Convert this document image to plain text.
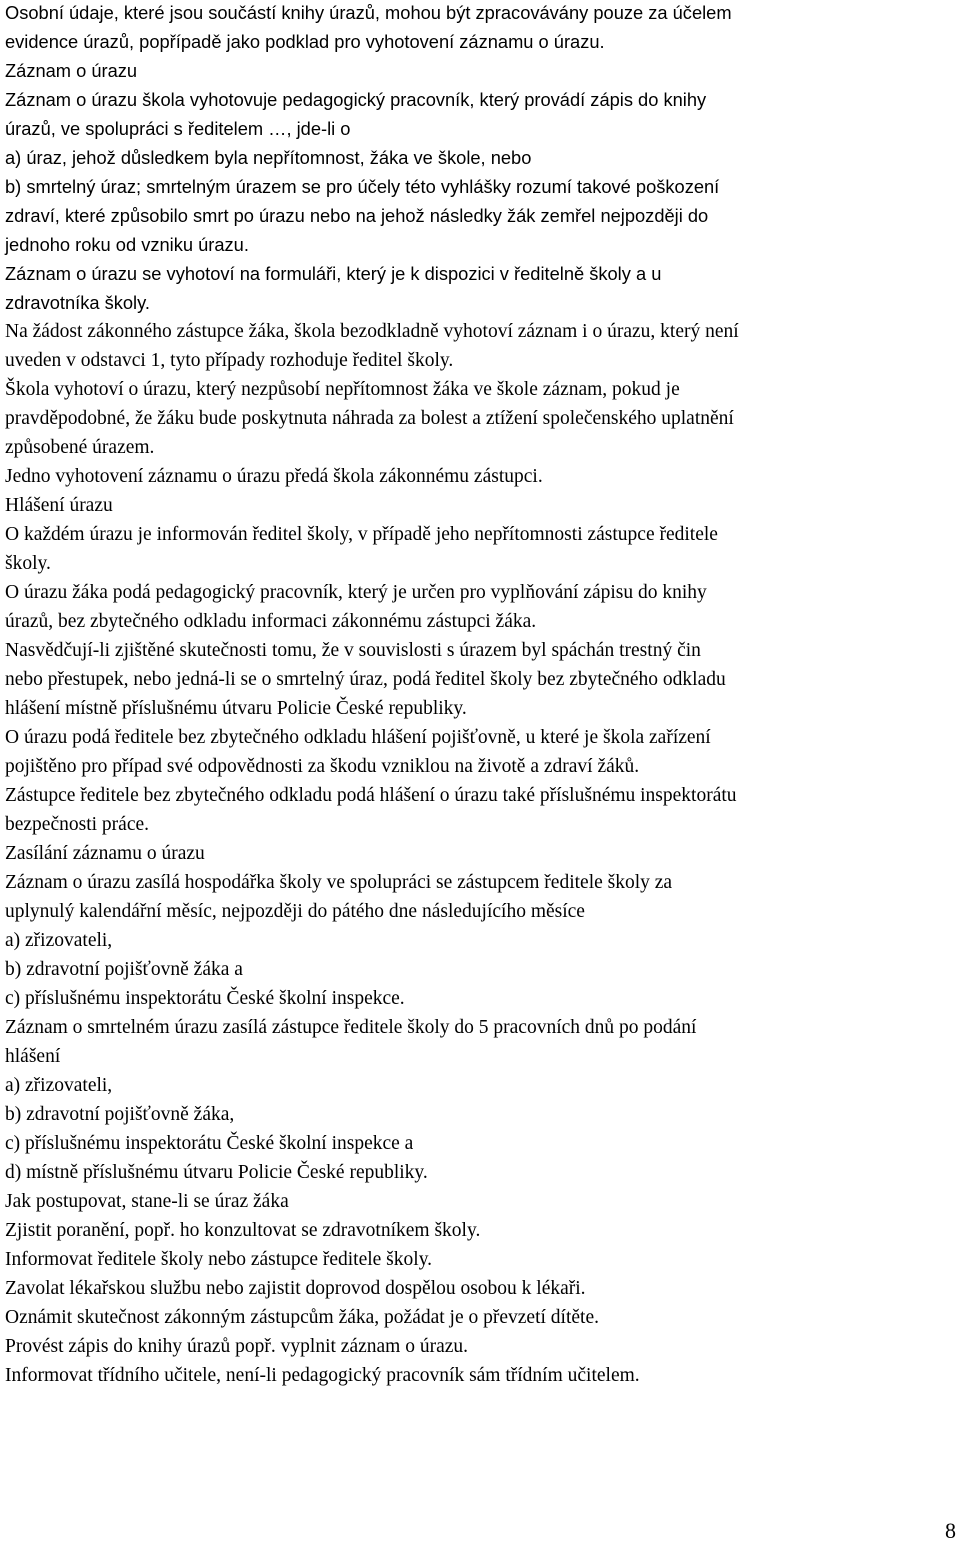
Osobní údaje, které jsou součástí knihy úrazů, mohou být zpracovávány pouze za účelem
evidence úrazů, popřípadě jako podklad pro vyhotovení záznamu o úrazu.
Záznam o úrazu
Záznam o úrazu škola vyhotovuje pedagogický pracovník, který provádí zápis do knihy
úrazů, ve spolupráci s ředitelem …, jde-li o
a) úraz, jehož důsledkem byla nepřítomnost, žáka ve škole, nebo
b) smrtelný úraz; smrtelným úrazem se pro účely této vyhlášky rozumí takové poškození
zdraví, které způsobilo smrt po úrazu nebo na jehož následky žák zemřel nejpozději do
jednoho roku od vzniku úrazu.
Záznam o úrazu se vyhotoví na formuláři, který je k dispozici v ředitelně školy a u
zdravotníka školy.
Na žádost zákonného zástupce žáka, škola bezodkladně vyhotoví záznam i o úrazu, který není
uveden v odstavci 1, tyto případy rozhoduje ředitel školy.
Škola vyhotoví o úrazu, který nezpůsobí nepřítomnost žáka ve škole záznam, pokud je
pravděpodobné, že žáku bude poskytnuta náhrada za bolest a ztížení společenského uplatnění
způsobené úrazem.
Jedno vyhotovení záznamu o úrazu předá škola zákonnému zástupci.
Hlášení úrazu
O každém úrazu je informován ředitel školy, v případě jeho nepřítomnosti zástupce ředitele
školy.
O úrazu žáka podá pedagogický pracovník, který je určen pro vyplňování zápisu do knihy
úrazů, bez zbytečného odkladu informaci zákonnému zástupci žáka.
Nasvědčují-li zjištěné skutečnosti tomu, že v souvislosti s úrazem byl spáchán trestný čin
nebo přestupek, nebo jedná-li se o smrtelný úraz, podá ředitel školy bez zbytečného odkladu
hlášení místně příslušnému útvaru Policie České republiky.
O úrazu podá ředitele bez zbytečného odkladu hlášení pojišťovně, u které je škola zařízení
pojištěno pro případ své odpovědnosti za škodu vzniklou na životě a zdraví žáků.
Zástupce ředitele bez zbytečného odkladu podá hlášení o úrazu také příslušnému inspektorátu
bezpečnosti práce.
Zasílání záznamu o úrazu
Záznam o úrazu zasílá hospodářka školy ve spolupráci se zástupcem ředitele školy za
uplynulý kalendářní měsíc, nejpozději do pátého dne následujícího měsíce
a) zřizovateli,
b) zdravotní pojišťovně žáka a
c) příslušnému inspektorátu České školní inspekce.
Záznam o smrtelném úrazu zasílá zástupce ředitele školy do 5 pracovních dnů po podání
hlášení
a) zřizovateli,
b) zdravotní pojišťovně žáka,
c) příslušnému inspektorátu České školní inspekce a
d) místně příslušnému útvaru Policie České republiky.
Jak postupovat, stane-li se úraz žáka
Zjistit poranění, popř. ho konzultovat se zdravotníkem školy.
Informovat ředitele školy nebo zástupce ředitele školy.
Zavolat lékařskou službu nebo zajistit doprovod dospělou osobou k lékaři.
Oznámit skutečnost zákonným zástupcům žáka, požádat je o převzetí dítěte.
Provést zápis do knihy úrazů popř. vyplnit záznam o úrazu.
Informovat třídního učitele, není-li pedagogický pracovník sám třídním učitelem.
8
